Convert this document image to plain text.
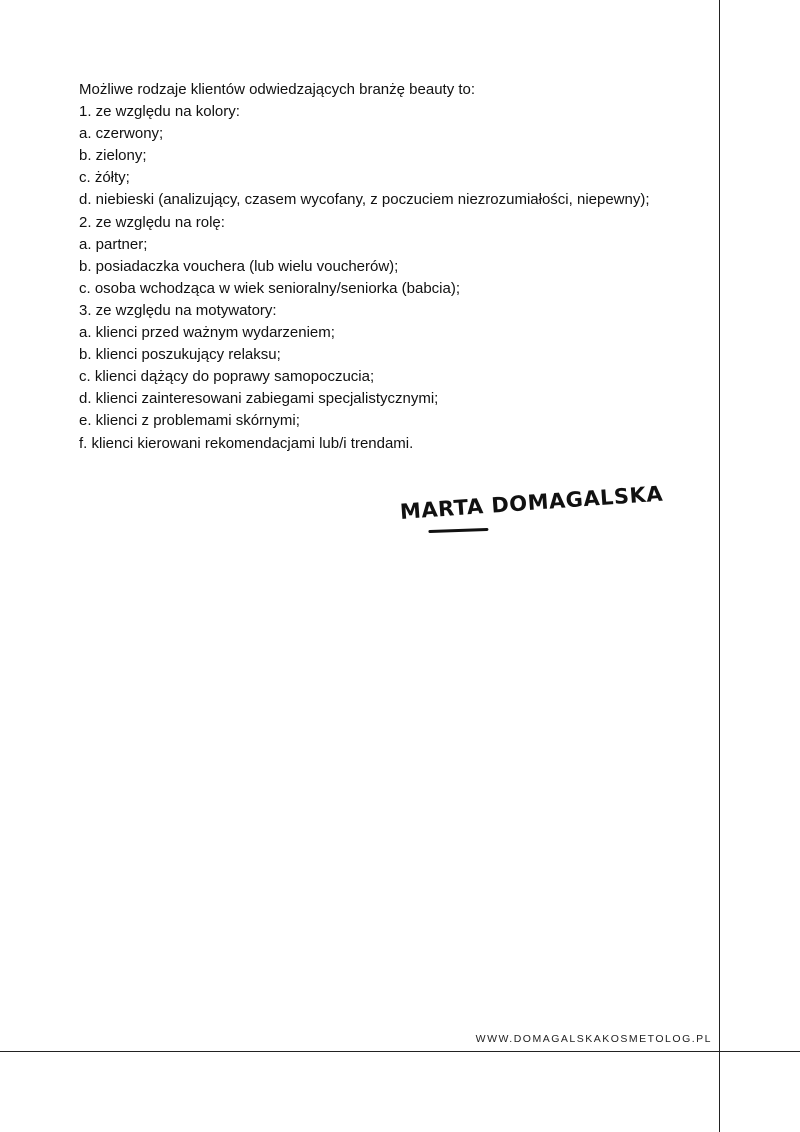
Możliwe rodzaje klientów odwiedzających branżę beauty to:
1. ze względu na kolory:
a. czerwony;
b. zielony;
c. żółty;
d. niebieski (analizujący, czasem wycofany, z poczuciem niezrozumiałości, niepewny);
2. ze względu na rolę:
a. partner;
b. posiadaczka vouchera (lub wielu voucherów);
c. osoba wchodząca w wiek senioralny/seniorka (babcia);
3. ze względu na motywatory:
a. klienci przed ważnym wydarzeniem;
b. klienci poszukujący relaksu;
c. klienci dążący do poprawy samopoczucia;
d. klienci zainteresowani zabiegami specjalistycznymi;
e. klienci z problemami skórnymi;
f. klienci kierowani rekomendacjami lub/i trendami.
MARTA DOMAGALSKA
WWW.DOMAGALSKAKOSMETOLOG.PL
